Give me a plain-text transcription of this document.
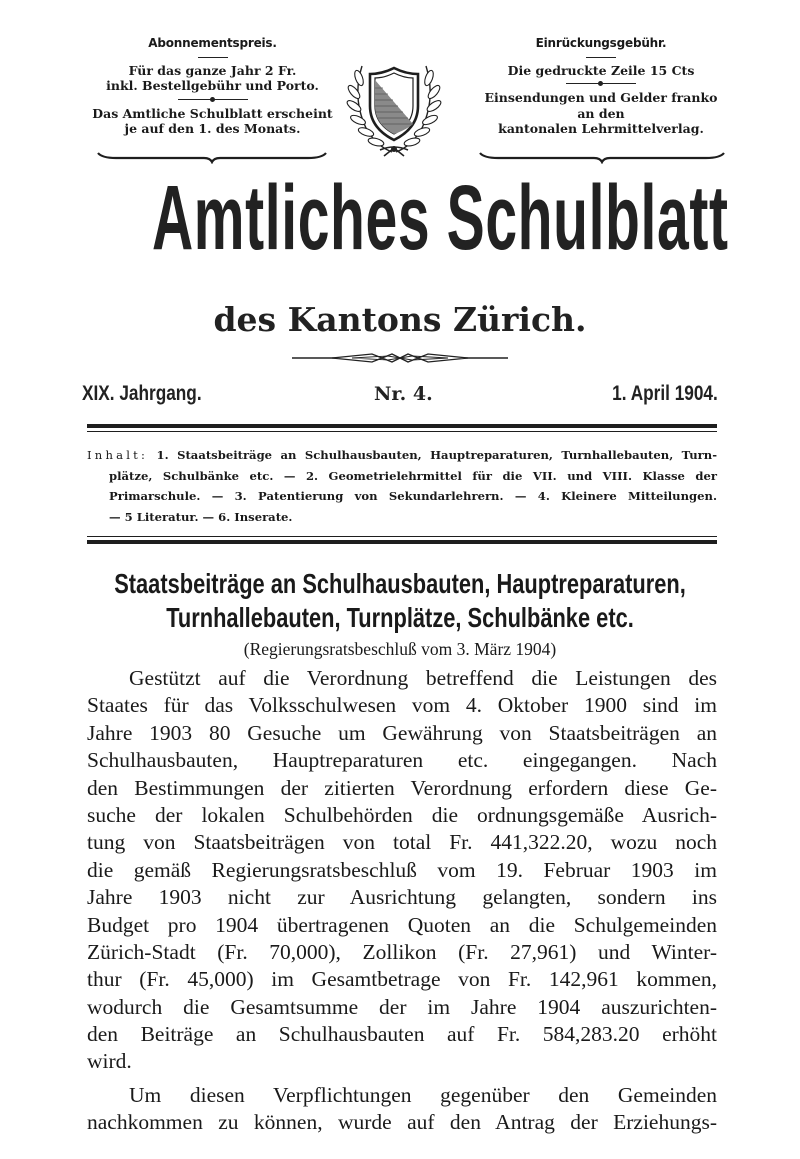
Abonnementspreis.
Für das ganze Jahr 2 Fr.
inkl. Bestellgebühr und Porto.
Das Amtliche Schulblatt erscheint
je auf den 1. des Monats.
Einrückungsgebühr.
Die gedruckte Zeile 15 Cts
Einsendungen und Gelder franko
an den
kantonalen Lehrmittelverlag.
Amtliches Schulblatt
des Kantons Zürich.
XIX. Jahrgang.	Nr. 4.	1. April 1904.

Inhalt: 1. Staatsbeiträge an Schulhausbauten, Hauptreparaturen, Turnhallebauten, Turn-

plätze, Schulbänke etc. — 2. Geometrielehrmittel für die VII. und VIII. Klasse der

Primarschule. — 3. Patentierung von Sekundarlehrern. — 4. Kleinere Mitteilungen.

— 5 Literatur. — 6. Inserate.

Staatsbeiträge an Schulhausbauten, Hauptreparaturen,
Turnhallebauten, Turnplätze, Schulbänke etc.
(Regierungsratsbeschluß vom 3. März 1904)
Gestützt auf die Verordnung betreffend die Leistungen des
Staates für das Volksschulwesen vom 4. Oktober 1900 sind im
Jahre 1903 80 Gesuche um Gewährung von Staatsbeiträgen an
Schulhausbauten, Hauptreparaturen etc. eingegangen. Nach
den Bestimmungen der zitierten Verordnung erfordern diese Ge-
suche der lokalen Schulbehörden die ordnungsgemäße Ausrich-
tung von Staatsbeiträgen von total Fr. 441,322.20, wozu noch
die gemäß Regierungsratsbeschluß vom 19. Februar 1903 im
Jahre 1903 nicht zur Ausrichtung gelangten, sondern ins
Budget pro 1904 übertragenen Quoten an die Schulgemeinden
Zürich-Stadt (Fr. 70,000), Zollikon (Fr. 27,961) und Winter-
thur (Fr. 45,000) im Gesamtbetrage von Fr. 142,961 kommen,
wodurch die Gesamtsumme der im Jahre 1904 auszurichten-
den Beiträge an Schulhausbauten auf Fr. 584,283.20 erhöht
wird.
Um diesen Verpflichtungen gegenüber den Gemeinden
nachkommen zu können, wurde auf den Antrag der Erziehungs-
